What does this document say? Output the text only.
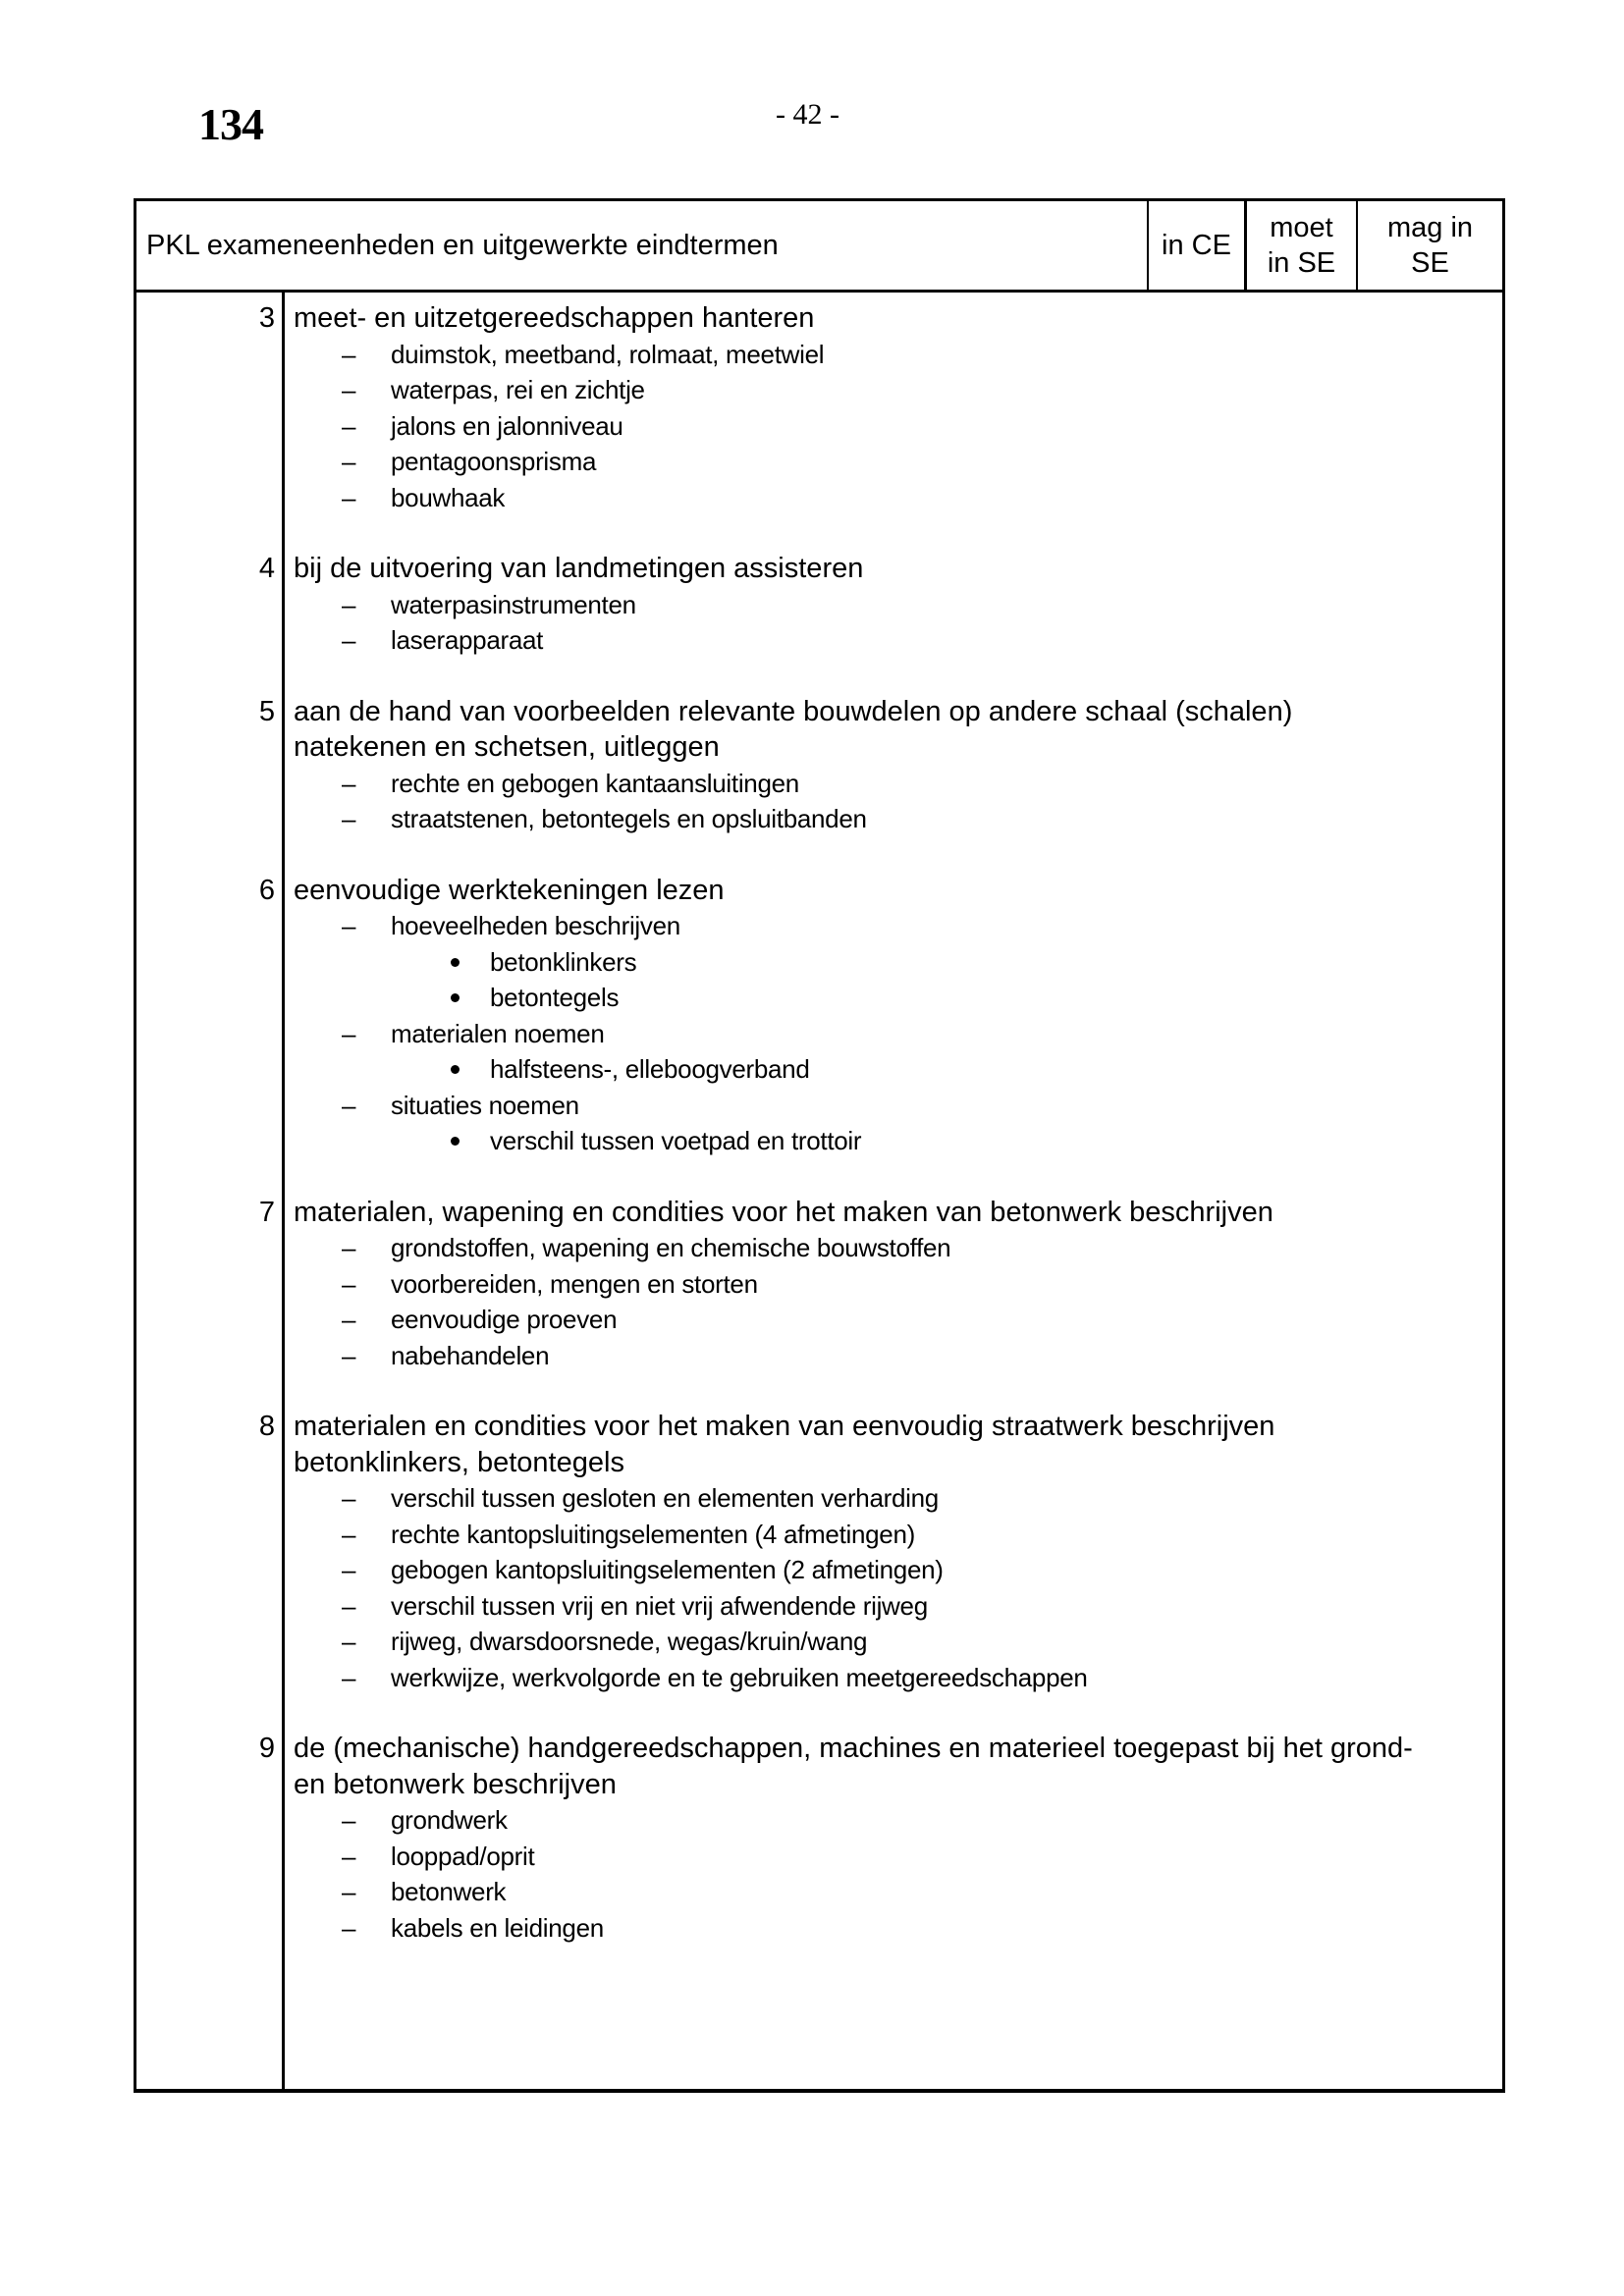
134	- 42 -
PKL exameneenheden en uitgewerkte eindtermen	in CE
moet
in SE
mag in
SE
3 meet- en uitzetgereedschappen hanteren
– duimstok, meetband, rolmaat, meetwiel
– waterpas, rei en zichtje
– jalons en jalonniveau
– pentagoonsprisma
– bouwhaak
4 bij de uitvoering van landmetingen assisteren
– waterpasinstrumenten
– laserapparaat
5 aan de hand van voorbeelden relevante bouwdelen op andere schaal (schalen)
natekenen en schetsen, uitleggen
– rechte en gebogen kantaansluitingen
– straatstenen, betontegels en opsluitbanden
6 eenvoudige werktekeningen lezen
– hoeveelheden beschrijven
betonklinkers
betontegels
– materialen noemen
halfsteens-, elleboogverband
– situaties noemen
verschil tussen voetpad en trottoir
7 materialen, wapening en condities voor het maken van betonwerk beschrijven
– grondstoffen, wapening en chemische bouwstoffen
– voorbereiden, mengen en storten
– eenvoudige proeven
– nabehandelen
8 materialen en condities voor het maken van eenvoudig straatwerk beschrijven
betonklinkers, betontegels
– verschil tussen gesloten en elementen verharding
– rechte kantopsluitingselementen (4 afmetingen)
– gebogen kantopsluitingselementen (2 afmetingen)
– verschil tussen vrij en niet vrij afwendende rijweg
– rijweg, dwarsdoorsnede, wegas/kruin/wang
– werkwijze, werkvolgorde en te gebruiken meetgereedschappen
9 de (mechanische) handgereedschappen, machines en materieel toegepast bij het grond-
en betonwerk beschrijven
– grondwerk
– looppad/oprit
– betonwerk
– kabels en leidingen
